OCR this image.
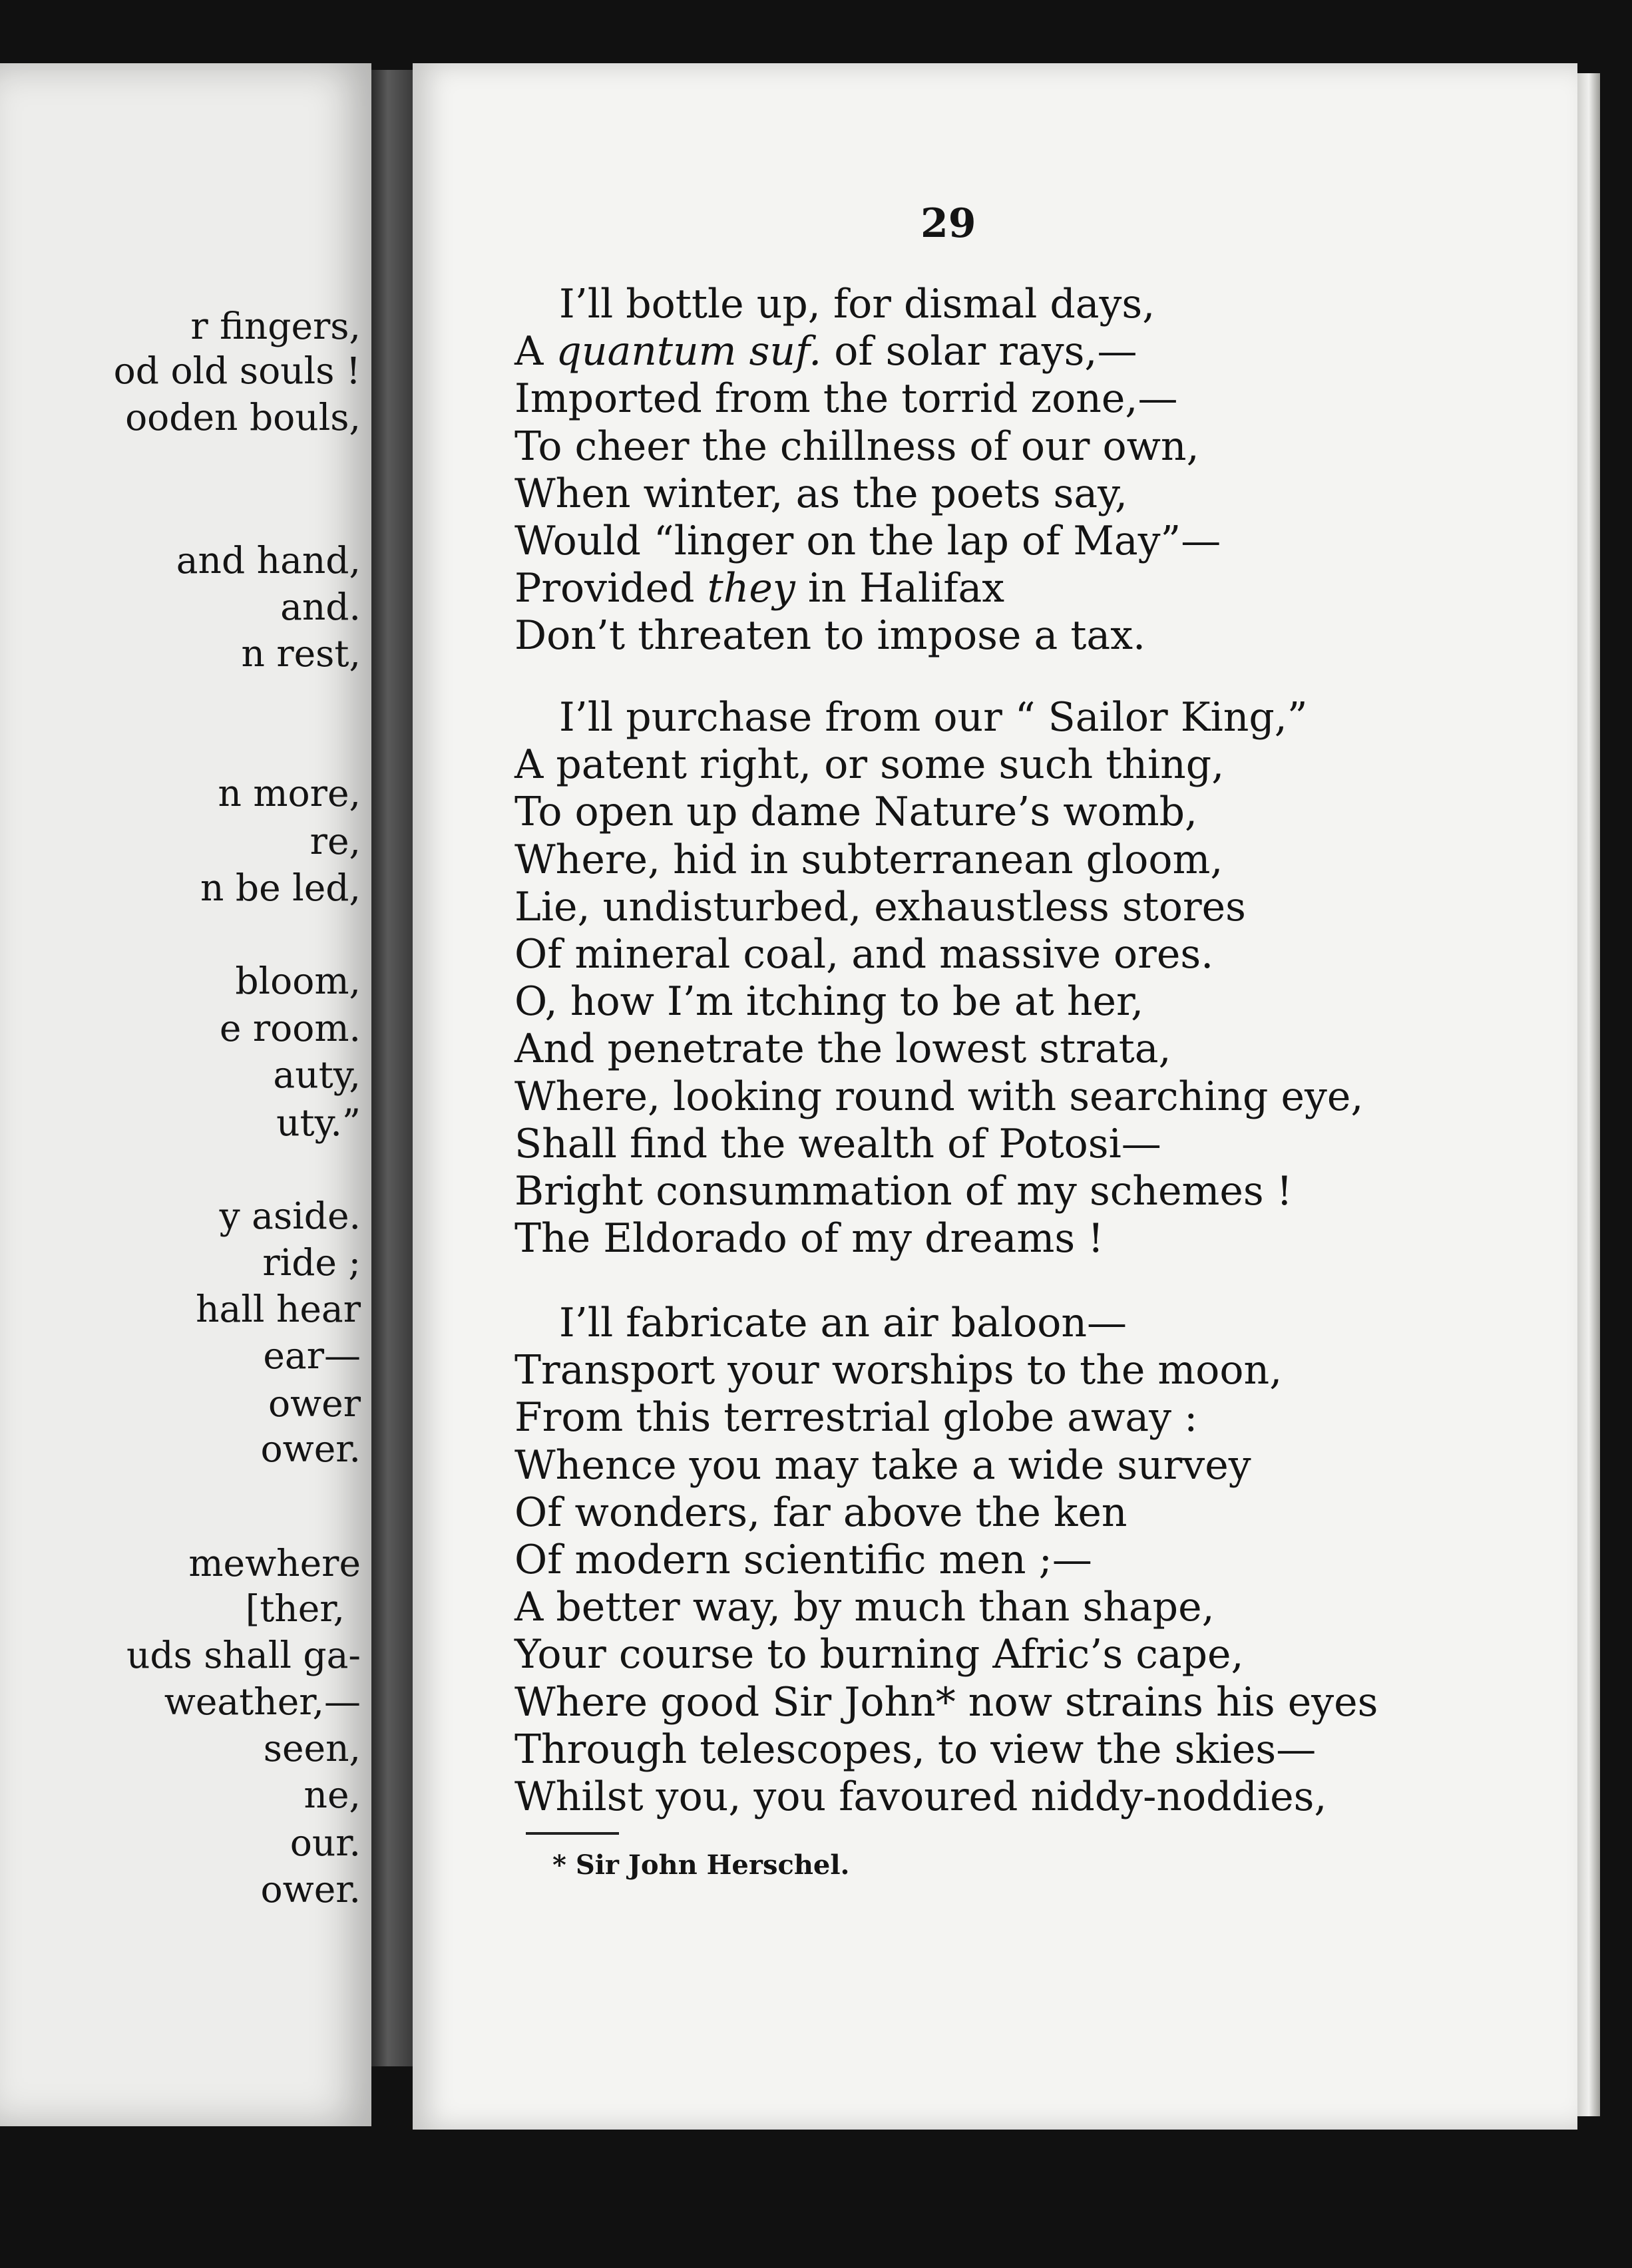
r fingers,
od old souls !
ooden bouls,
and hand,
and.
n rest,
n more,
re,
n be led,
bloom,
e room.
auty,
uty.”
y aside.
ride ;
hall hear
ear—
ower
ower.
mewhere
[ther,
uds shall ga-
weather,—
seen,
ne,
our.
ower.
29
I’ll bottle up, for dismal days,
A quantum suf. of solar rays,—
Imported from the torrid zone,—
To cheer the chillness of our own,
When winter, as the poets say,
Would “linger on the lap of May”—
Provided they in Halifax
Don’t threaten to impose a tax.
I’ll purchase from our “ Sailor King,”
A patent right, or some such thing,
To open up dame Nature’s womb,
Where, hid in subterranean gloom,
Lie, undisturbed, exhaustless stores
Of mineral coal, and massive ores.
O, how I’m itching to be at her,
And penetrate the lowest strata,
Where, looking round with searching eye,
Shall find the wealth of Potosi—
Bright consummation of my schemes !
The Eldorado of my dreams !
I’ll fabricate an air baloon—
Transport your worships to the moon,
From this terrestrial globe away :
Whence you may take a wide survey
Of wonders, far above the ken
Of modern scientific men ;—
A better way, by much than shape,
Your course to burning Afric’s cape,
Where good Sir John* now strains his eyes
Through telescopes, to view the skies—
Whilst you, you favoured niddy-noddies,
* Sir John Herschel.
